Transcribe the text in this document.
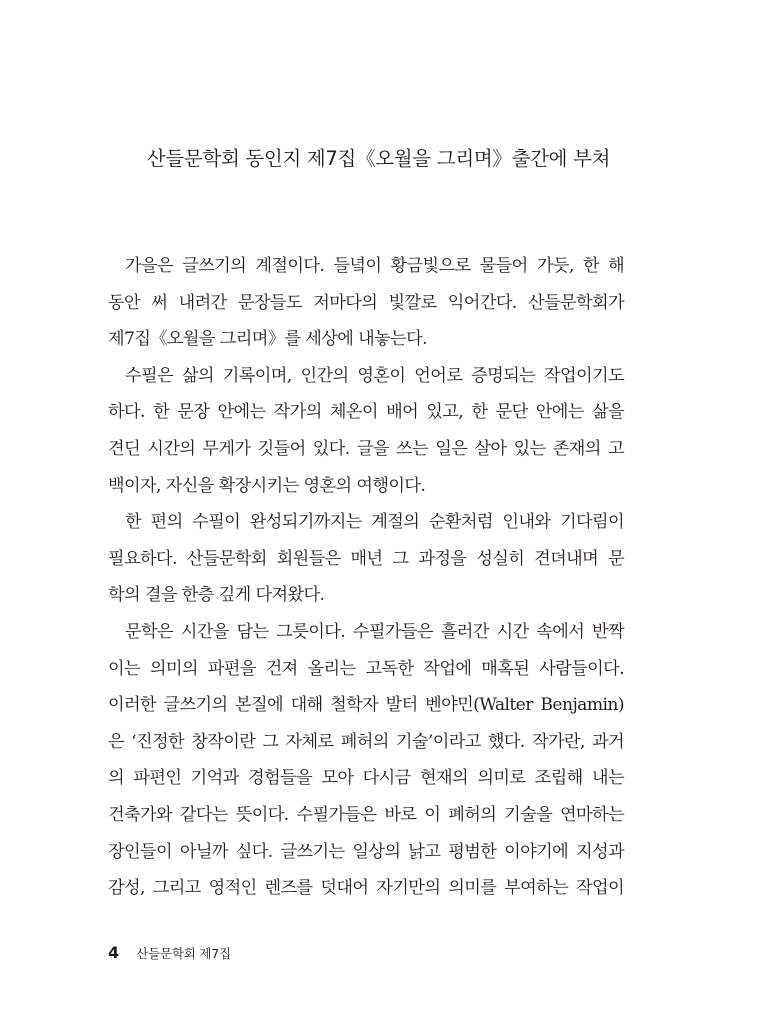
산들문학회 동인지 제7집《오월을 그리며》출간에 부쳐
가을은 글쓰기의 계절이다. 들녘이 황금빛으로 물들어 가듯, 한 해
동안 써 내려간 문장들도 저마다의 빛깔로 익어간다. 산들문학회가
제7집《오월을 그리며》를 세상에 내놓는다.
수필은 삶의 기록이며, 인간의 영혼이 언어로 증명되는 작업이기도
하다. 한 문장 안에는 작가의 체온이 배어 있고, 한 문단 안에는 삶을
견딘 시간의 무게가 깃들어 있다. 글을 쓰는 일은 살아 있는 존재의 고
백이자, 자신을 확장시키는 영혼의 여행이다.
한 편의 수필이 완성되기까지는 계절의 순환처럼 인내와 기다림이
필요하다. 산들문학회 회원들은 매년 그 과정을 성실히 견뎌내며 문
학의 결을 한층 깊게 다져왔다.
문학은 시간을 담는 그릇이다. 수필가들은 흘러간 시간 속에서 반짝
이는 의미의 파편을 건져 올리는 고독한 작업에 매혹된 사람들이다.
이러한 글쓰기의 본질에 대해 철학자 발터 벤야민(Walter Benjamin)
은 ‘진정한 창작이란 그 자체로 폐허의 기술’이라고 했다. 작가란, 과거
의 파편인 기억과 경험들을 모아 다시금 현재의 의미로 조립해 내는
건축가와 같다는 뜻이다. 수필가들은 바로 이 폐허의 기술을 연마하는
장인들이 아닐까 싶다. 글쓰기는 일상의 낡고 평범한 이야기에 지성과
감성, 그리고 영적인 렌즈를 덧대어 자기만의 의미를 부여하는 작업이
4 산들문학회 제7집
